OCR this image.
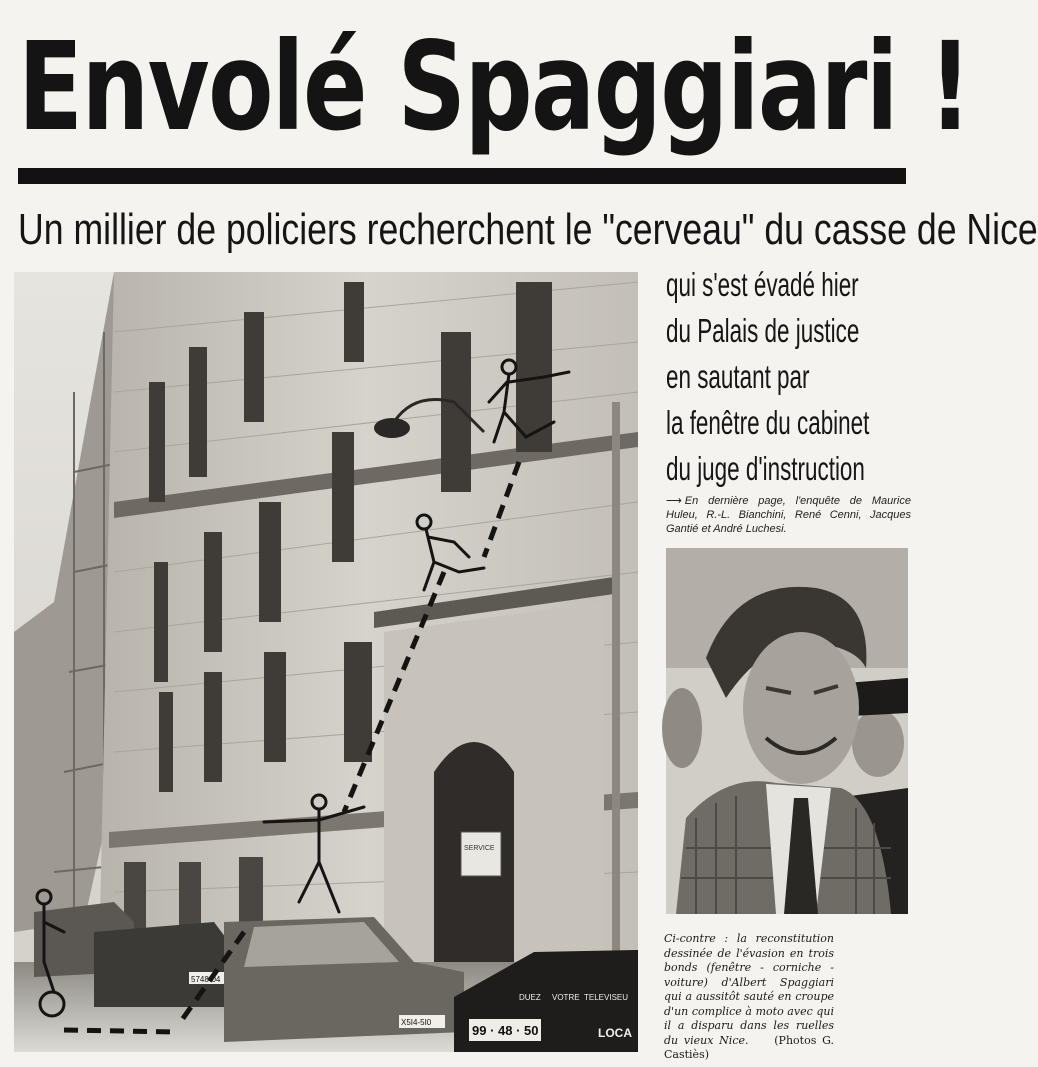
Envolé Spaggiari !
Un millier de policiers recherchent le "cerveau" du casse de Nice
SERVICE
5748-04
X5I4-5I0
99 · 48 · 50
DUEZ VOTRE TELEVISEU
LOCA
qui s'est évadé hier
du Palais de justice
en sautant par
la fenêtre du cabinet
du juge d'instruction
⟶ En dernière page, l'enquête de Maurice Huleu, R.-L. Bianchini, René Cenni, Jacques Gantié et André Luchesi.
Ci-contre : la reconstitution dessinée de l'évasion en trois bonds (fenêtre - corniche - voiture) d'Albert Spaggiari qui a aussitôt sauté en croupe d'un complice à moto avec qui il a disparu dans les ruelles du vieux Nice. (Photos G. Castiès)
